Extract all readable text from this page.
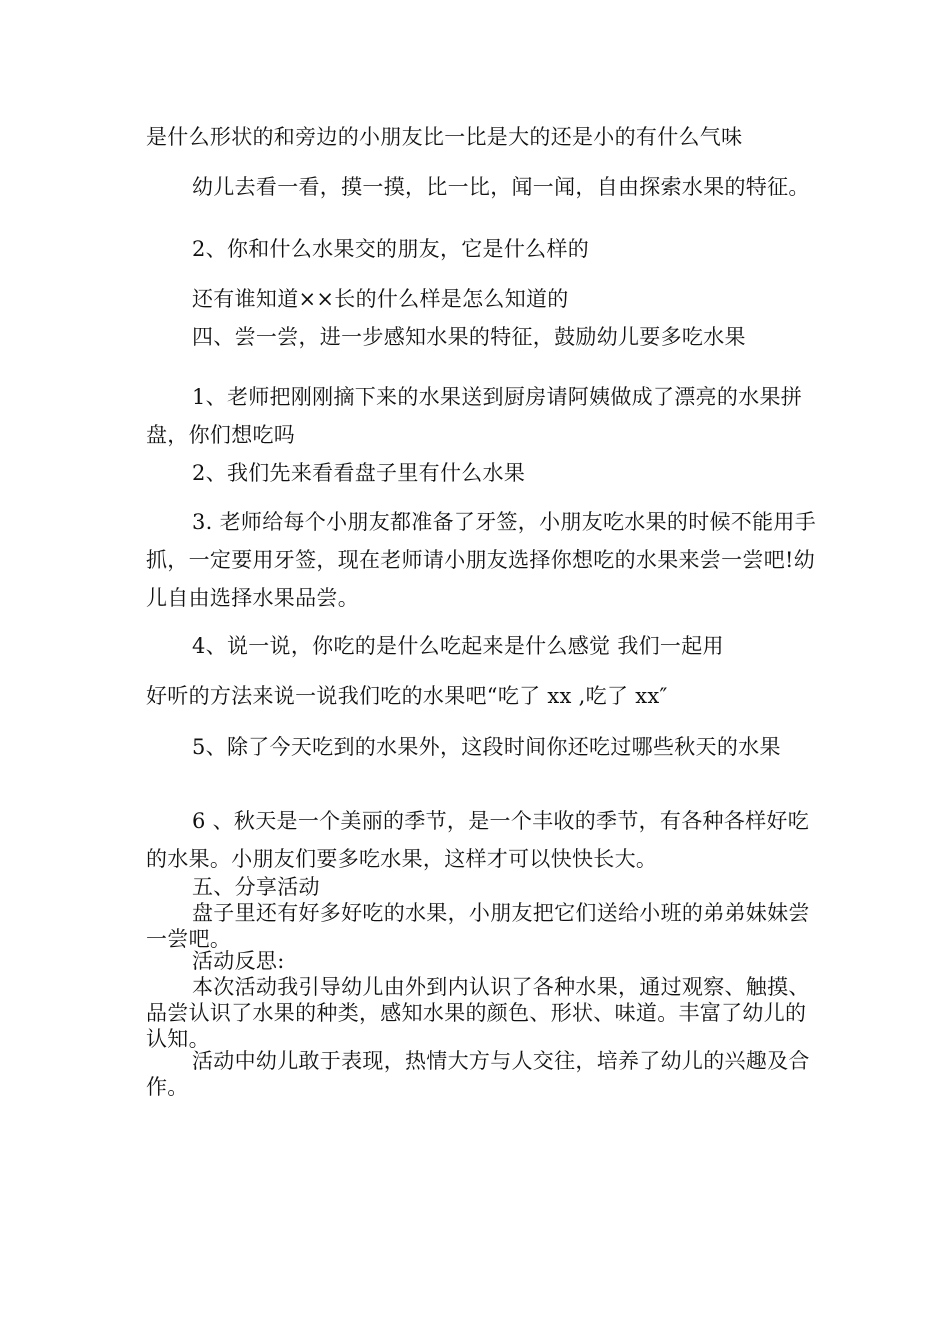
是什么形状的和旁边的小朋友比一比是大的还是小的有什么气味
幼儿去看一看，摸一摸，比一比，闻一闻，自由探索水果的特征。
2、你和什么水果交的朋友，它是什么样的
还有谁知道××长的什么样是怎么知道的
四、尝一尝，进一步感知水果的特征，鼓励幼儿要多吃水果
1、老师把刚刚摘下来的水果送到厨房请阿姨做成了漂亮的水果拼盘，你们想吃吗
2、我们先来看看盘子里有什么水果
3. 老师给每个小朋友都准备了牙签，小朋友吃水果的时候不能用手抓，一定要用牙签，现在老师请小朋友选择你想吃的水果来尝一尝吧!幼儿自由选择水果品尝。
4、说一说，你吃的是什么吃起来是什么感觉 我们一起用
好听的方法来说一说我们吃的水果吧“吃了 xx ,吃了 xx″
5、除了今天吃到的水果外，这段时间你还吃过哪些秋天的水果
6 、秋天是一个美丽的季节，是一个丰收的季节，有各种各样好吃的水果。小朋友们要多吃水果，这样才可以快快长大。
五、分享活动
盘子里还有好多好吃的水果，小朋友把它们送给小班的弟弟妹妹尝一尝吧。
活动反思:
本次活动我引导幼儿由外到内认识了各种水果，通过观察、触摸、品尝认识了水果的种类，感知水果的颜色、形状、味道。丰富了幼儿的认知。
活动中幼儿敢于表现，热情大方与人交往，培养了幼儿的兴趣及合作。
